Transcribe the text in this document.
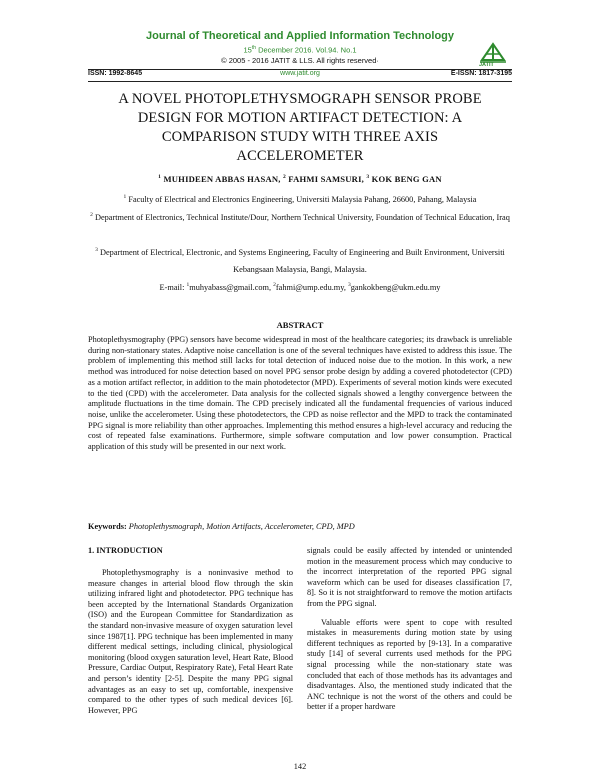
Journal of Theoretical and Applied Information Technology
15th December 2016. Vol.94. No.1
© 2005 - 2016 JATIT & LLS. All rights reserved·
JATIT
ISSN: 1992-8645	www.jatit.org	E-ISSN: 1817-3195
A NOVEL PHOTOPLETHYSMOGRAPH SENSOR PROBE DESIGN FOR MOTION ARTIFACT DETECTION: A COMPARISON STUDY WITH THREE AXIS ACCELEROMETER
$^1$ MUHIDEEN ABBAS HASAN, $^2$ FAHMI SAMSURI, $^3$ KOK BENG GAN
$^1$ Faculty of Electrical and Electronics Engineering, Universiti Malaysia Pahang, 26600, Pahang, Malaysia
$^2$ Department of Electronics, Technical Institute/Dour, Northern Technical University, Foundation of Technical Education, Iraq
$^3$ Department of Electrical, Electronic, and Systems Engineering, Faculty of Engineering and Built Environment, Universiti Kebangsaan Malaysia, Bangi, Malaysia.
E-mail: $^1$muhyabass@gmail.com, $^2$fahmi@ump.edu.my, $^3$gankokbeng@ukm.edu.my
ABSTRACT
Photoplethysmography (PPG) sensors have become widespread in most of the healthcare categories; its drawback is unreliable during non-stationary states. Adaptive noise cancellation is one of the several techniques have existed to address this issue. The problem of implementing this method still lacks for total detection of induced noise due to the motion. In this work, a new method was introduced for noise detection based on novel PPG sensor probe design by adding a covered photodetector (CPD) as a motion artifact reflector, in addition to the main photodetector (MPD). Experiments of several motion kinds were executed to the tied (CPD) with the accelerometer. Data analysis for the collected signals showed a lengthy convergence between the amplitude fluctuations in the time domain. The CPD precisely indicated all the fundamental frequencies of various induced noise, unlike the accelerometer. Using these photodetectors, the CPD as noise reflector and the MPD to track the contaminated PPG signal is more reliability than other approaches. Implementing this method ensures a high-level accuracy and reducing the cost of repeated false examinations. Furthermore, simple software computation and low power consumption. Practical application of this study will be presented in our next work.
Keywords: Photoplethysmograph, Motion Artifacts, Accelerometer, CPD, MPD
1. INTRODUCTION

Photoplethysmography is a noninvasive method to measure changes in arterial blood flow through the skin utilizing infrared light and photodetector. PPG technique has been accepted by the International Standards Organization (ISO) and the European Committee for Standardization as the standard non-invasive measure of oxygen saturation level since 1987[1]. PPG technique has been implemented in many different medical settings, including clinical, physiological monitoring (blood oxygen saturation level, Heart Rate, Blood Pressure, Cardiac Output, Respiratory Rate), Fetal Heart Rate and person’s identity [2-5]. Despite the many PPG signal advantages as an easy to set up, comfortable, inexpensive compared to the other types of such medical devices [6]. However, PPG

signals could be easily affected by intended or unintended motion in the measurement process which may conducive to the incorrect interpretation of the reported PPG signal waveform which can be used for diseases classification [7, 8]. So it is not straightforward to remove the motion artifacts from the PPG signal.

Valuable efforts were spent to cope with resulted mistakes in measurements during motion state by using different techniques as reported by [9-13]. In a comparative study [14] of several currents used methods for the PPG signal processing while the non-stationary state was concluded that each of those methods has its advantages and disadvantages. Also, the mentioned study indicated that the ANC technique is not the worst of the others and could be better if a proper hardware

142
